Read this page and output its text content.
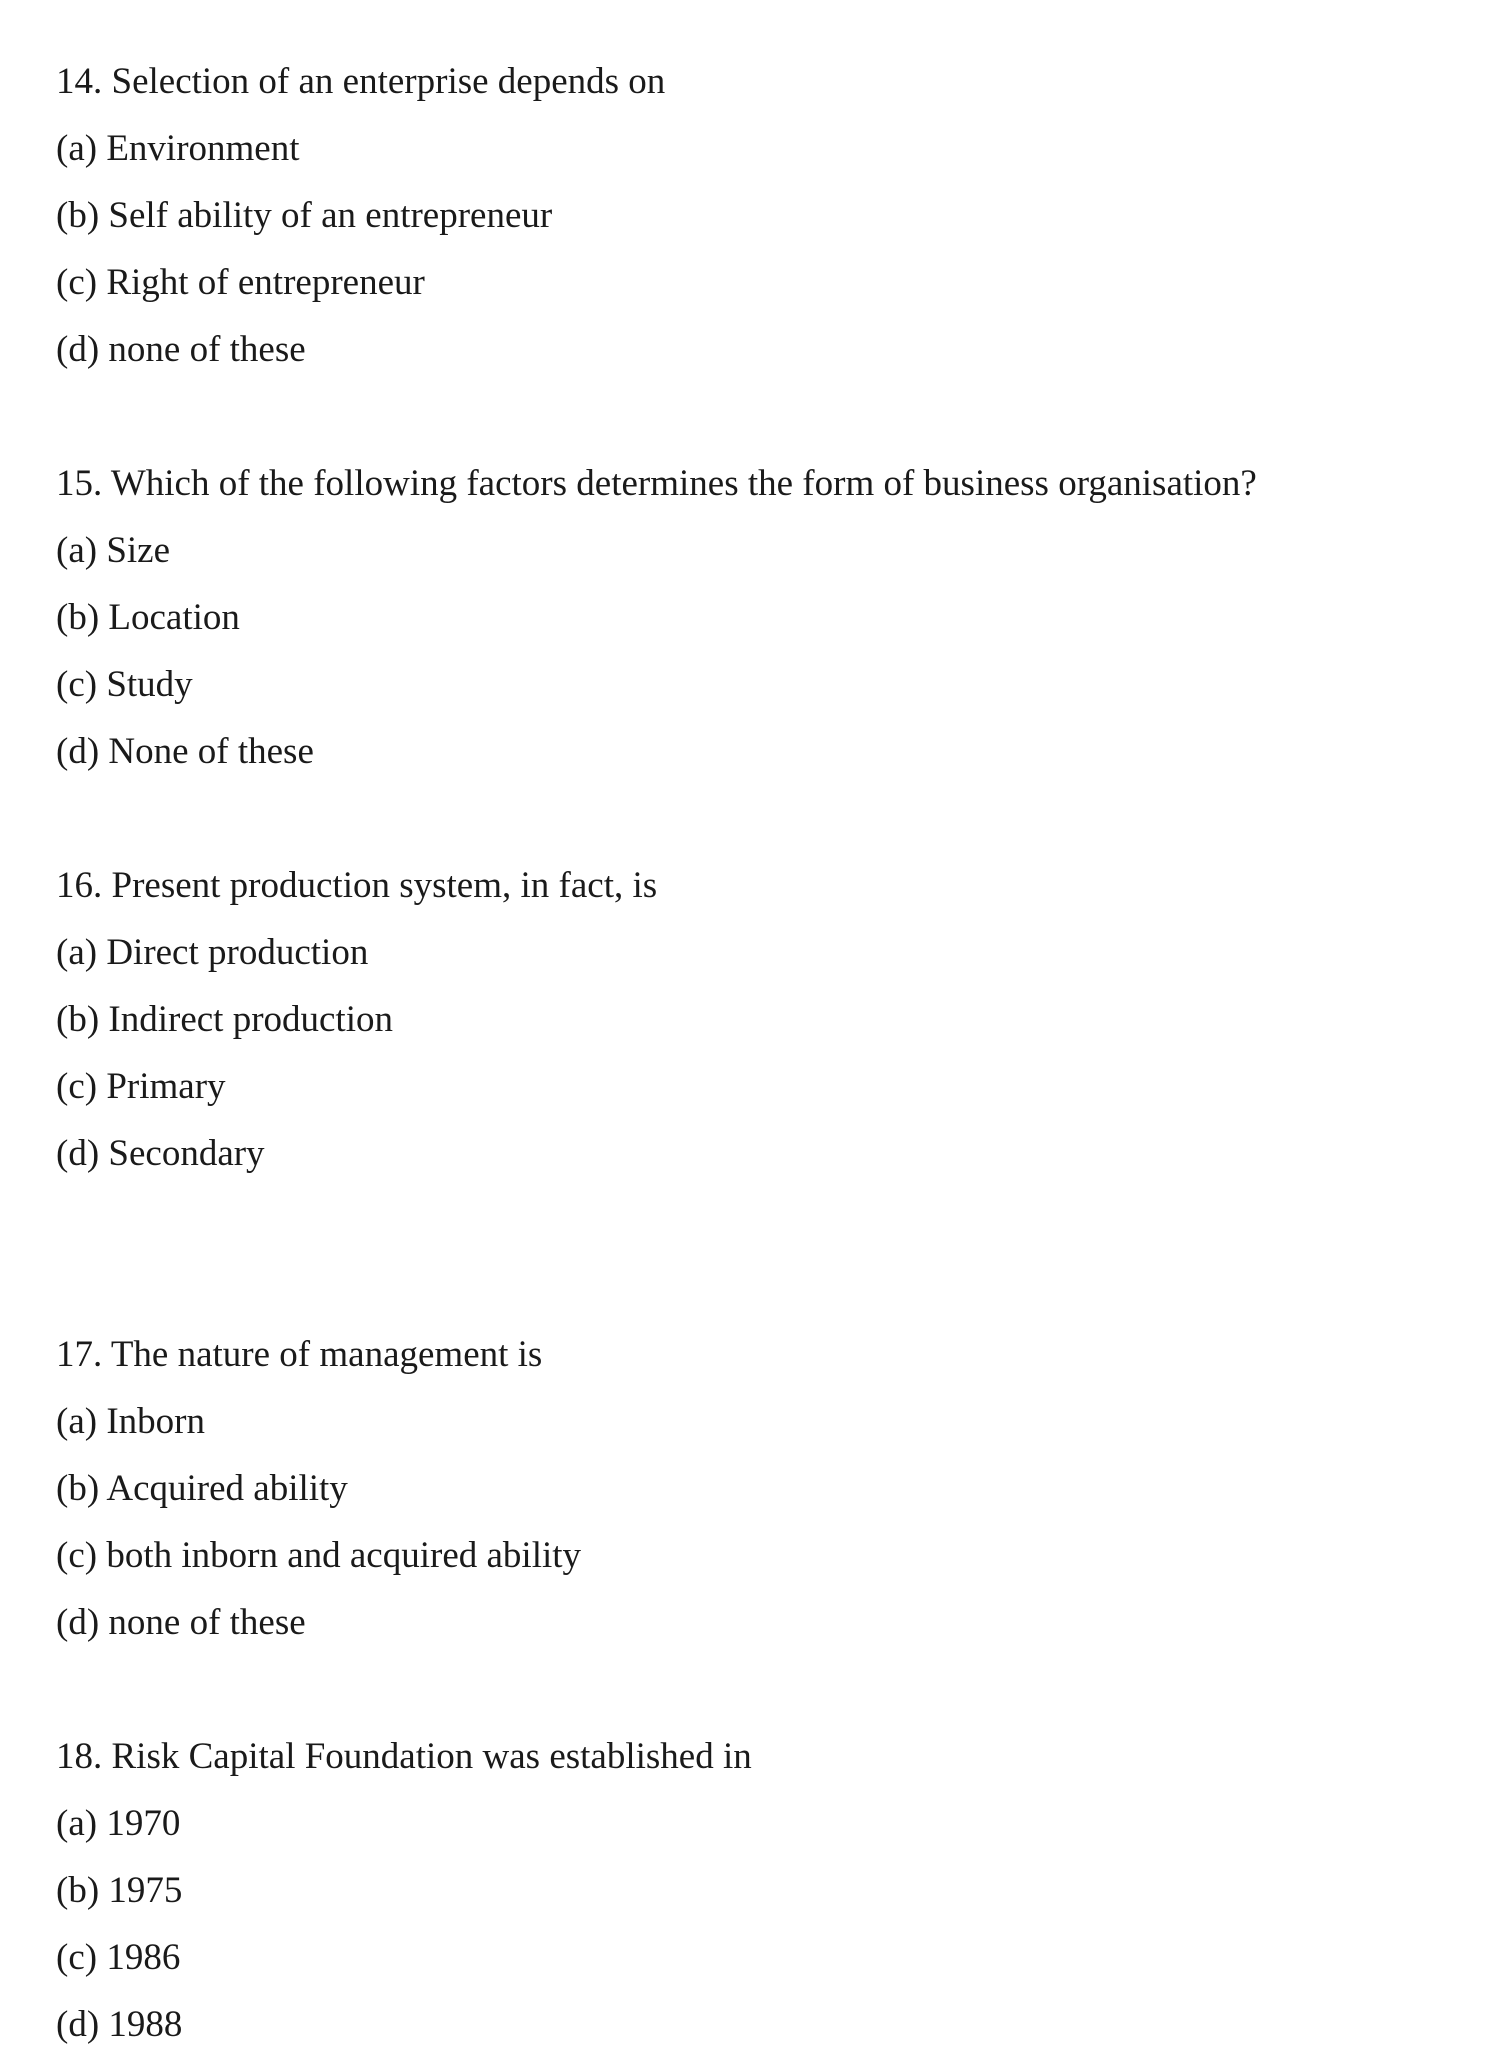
14. Selection of an enterprise depends on
(a) Environment
(b) Self ability of an entrepreneur
(c) Right of entrepreneur
(d) none of these
15. Which of the following factors determines the form of business organisation?
(a) Size
(b) Location
(c) Study
(d) None of these
16. Present production system, in fact, is
(a) Direct production
(b) Indirect production
(c) Primary
(d) Secondary
17. The nature of management is
(a) Inborn
(b) Acquired ability
(c) both inborn and acquired ability
(d) none of these
18. Risk Capital Foundation was established in
(a) 1970
(b) 1975
(c) 1986
(d) 1988
